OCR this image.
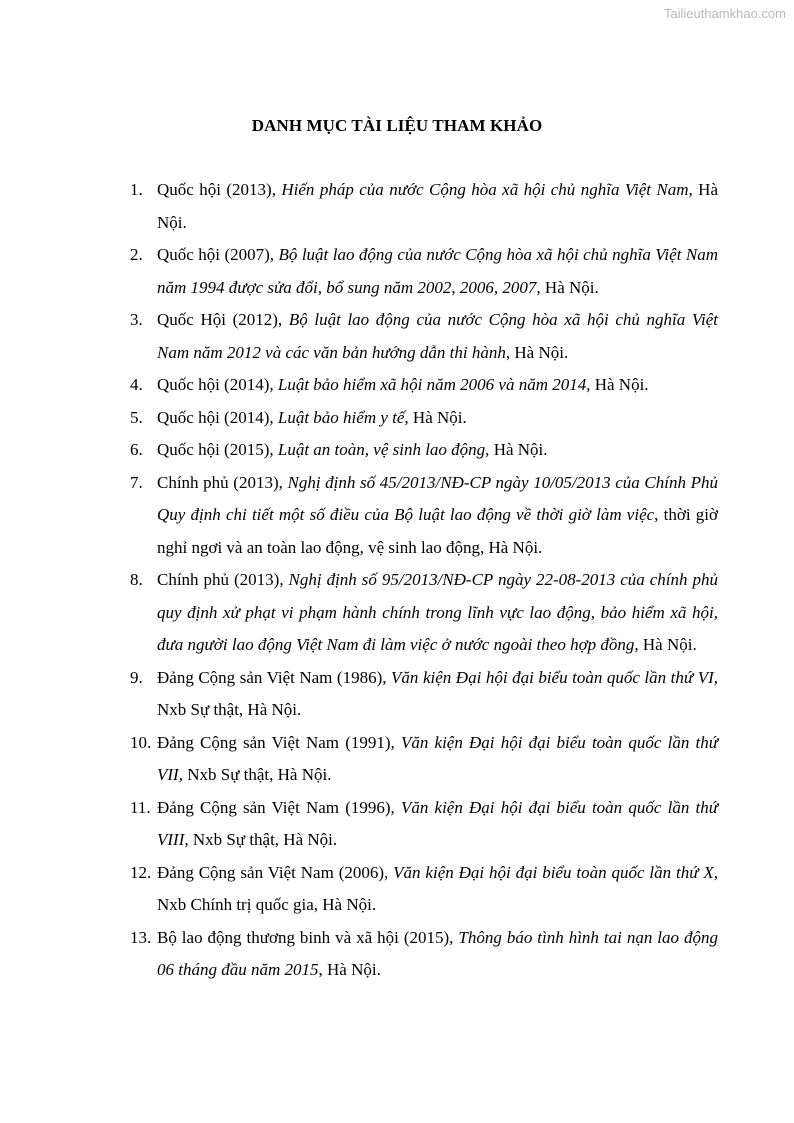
Tailieuthamkhao.com
DANH MỤC TÀI LIỆU THAM KHẢO
1. Quốc hội (2013), Hiến pháp của nước Cộng hòa xã hội chủ nghĩa Việt Nam, Hà Nội.
2. Quốc hội (2007), Bộ luật lao động của nước Cộng hòa xã hội chủ nghĩa Việt Nam năm 1994 được sửa đổi, bổ sung năm 2002, 2006, 2007, Hà Nội.
3. Quốc Hội (2012), Bộ luật lao động của nước Cộng hòa xã hội chủ nghĩa Việt Nam năm 2012 và các văn bản hướng dẫn thi hành, Hà Nội.
4. Quốc hội (2014), Luật bảo hiểm xã hội năm 2006 và năm 2014, Hà Nội.
5. Quốc hội (2014), Luật bảo hiểm y tế, Hà Nội.
6. Quốc hội (2015), Luật an toàn, vệ sinh lao động, Hà Nội.
7. Chính phủ (2013), Nghị định số 45/2013/NĐ-CP ngày 10/05/2013 của Chính Phủ Quy định chi tiết một số điều của Bộ luật lao động về thời giờ làm việc, thời giờ nghỉ ngơi và an toàn lao động, vệ sinh lao động, Hà Nội.
8. Chính phủ (2013), Nghị định số 95/2013/NĐ-CP ngày 22-08-2013 của chính phủ quy định xử phạt vi phạm hành chính trong lĩnh vực lao động, bảo hiểm xã hội, đưa người lao động Việt Nam đi làm việc ở nước ngoài theo hợp đồng, Hà Nội.
9. Đảng Cộng sản Việt Nam (1986), Văn kiện Đại hội đại biểu toàn quốc lần thứ VI, Nxb Sự thật, Hà Nội.
10. Đảng Cộng sản Việt Nam (1991), Văn kiện Đại hội đại biểu toàn quốc lần thứ VII, Nxb Sự thật, Hà Nội.
11. Đảng Cộng sản Việt Nam (1996), Văn kiện Đại hội đại biểu toàn quốc lần thứ VIII, Nxb Sự thật, Hà Nội.
12. Đảng Cộng sản Việt Nam (2006), Văn kiện Đại hội đại biểu toàn quốc lần thứ X, Nxb Chính trị quốc gia, Hà Nội.
13. Bộ lao động thương binh và xã hội (2015), Thông báo tình hình tai nạn lao động 06 tháng đầu năm 2015, Hà Nội.
